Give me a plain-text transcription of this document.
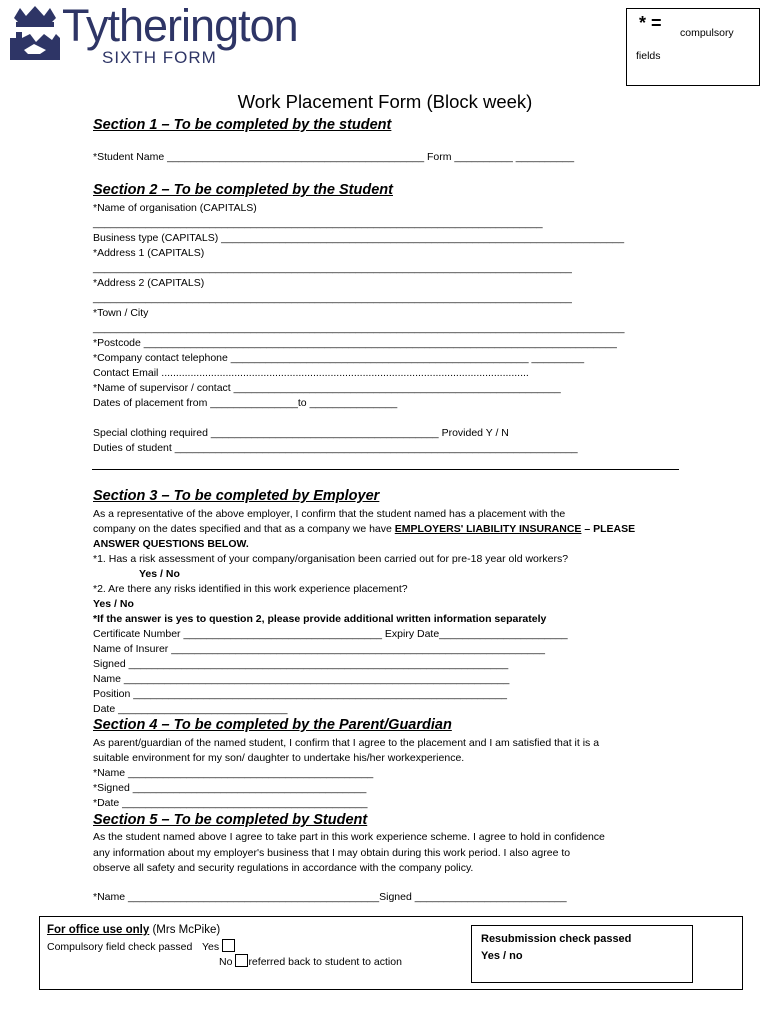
Tytherington
SIXTH FORM
* = compulsory
fields
Work Placement Form (Block week)
Section 1 – To be completed by the student
*Student Name ____________________________________________ Form __________ __________
Section 2 – To be completed by the Student
*Name of organisation (CAPITALS)
_____________________________________________________________________________
Business type (CAPITALS) _____________________________________________________________________
*Address 1 (CAPITALS)
__________________________________________________________________________________
*Address 2 (CAPITALS)
__________________________________________________________________________________
*Town / City
___________________________________________________________________________________________
*Postcode _________________________________________________________________________________
*Company contact telephone ___________________________________________________ _________
Contact Email ..............................................................................................................................
*Name of supervisor / contact ________________________________________________________
Dates of placement from _______________to _______________
Special clothing required _______________________________________ Provided Y / N
Duties of student _____________________________________________________________________
Section 3 – To be completed by Employer
As a representative of the above employer, I confirm that the student named has a placement with the
company on the dates specified and that as a company we have EMPLOYERS' LIABILITY INSURANCE – PLEASE
ANSWER QUESTIONS BELOW.
*1. Has a risk assessment of your company/organisation been carried out for pre-18 year old workers?
Yes / No
*2. Are there any risks identified in this work experience placement?
Yes / No
*If the answer is yes to question 2, please provide additional written information separately
Certificate Number __________________________________ Expiry Date______________________
Name of Insurer ________________________________________________________________
Signed _________________________________________________________________
Name __________________________________________________________________
Position ________________________________________________________________
Date _____________________________
Section 4 – To be completed by the Parent/Guardian
As parent/guardian of the named student, I confirm that I agree to the placement and I am satisfied that it is a
suitable environment for my son/ daughter to undertake his/her workexperience.
*Name __________________________________________
*Signed ________________________________________
*Date __________________________________________
Section 5 – To be completed by Student
As the student named above I agree to take part in this work experience scheme. I agree to hold in confidence
any information about my employer's business that I may obtain during this work period. I also agree to
observe all safety and security regulations in accordance with the company policy.
*Name ___________________________________________Signed __________________________
For office use only (Mrs McPike)
Compulsory field check passed Yes
No referred back to student to action
Resubmission check passed
Yes / no
